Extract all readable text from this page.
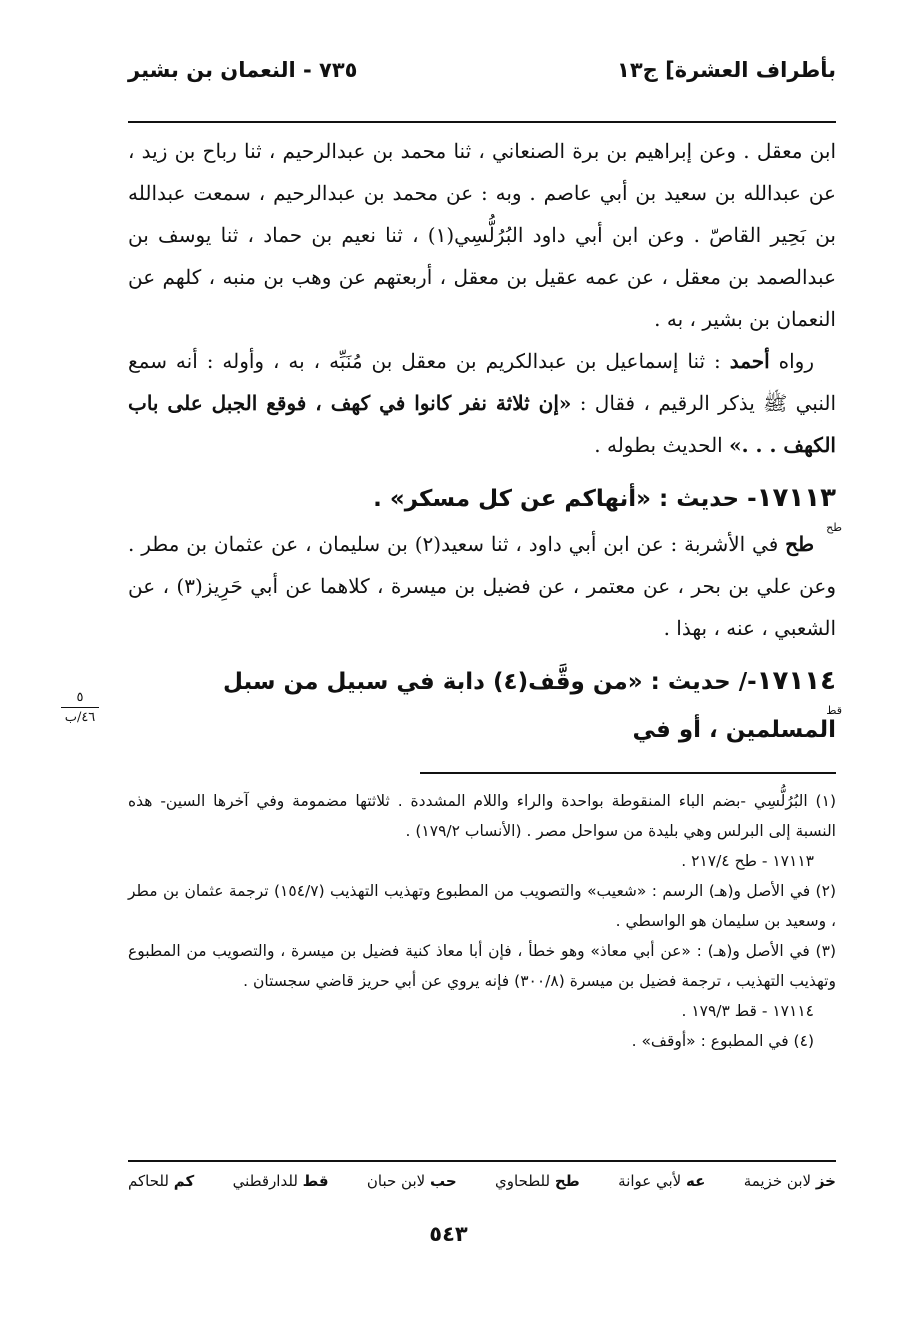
بأطراف العشرة] ج١٣
٧٣٥ - النعمان بن بشير

ابن معقل . وعن إبراهيم بن برة الصنعاني ، ثنا محمد بن عبدالرحيم ، ثنا رباح بن زيد ، عن عبدالله بن سعيد بن أبي عاصم . وبه : عن محمد بن عبدالرحيم ، سمعت عبدالله بن بَحِير القاصّ . وعن ابن أبي داود البُرُلُّسِي(١) ، ثنا نعيم بن حماد ، ثنا يوسف بن عبدالصمد بن معقل ، عن عمه عقيل بن معقل ، أربعتهم عن وهب بن منبه ، كلهم عن النعمان بن بشير ، به .

رواه أحمد : ثنا إسماعيل بن عبدالكريم بن معقل بن مُنَبِّه ، به ، وأوله : أنه سمع النبي ﷺ يذكر الرقيم ، فقال : «إن ثلاثة نفر كانوا في كهف ، فوقع الجبل على باب الكهف . . .» الحديث بطوله .

١٧١١٣- حديث : «أنهاكم عن كل مسكر» .
طح

طح في الأشربة : عن ابن أبي داود ، ثنا سعيد(٢) بن سليمان ، عن عثمان بن مطر . وعن علي بن بحر ، عن معتمر ، عن فضيل بن ميسرة ، كلاهما عن أبي حَرِيز(٣) ، عن الشعبي ، عنه ، بهذا .

١٧١١٤-/ حديث : «من وقَّف(٤) دابة في سبيل من سبل المسلمين ، أو في
قط
٥
٤٦/ب

(١) البُرُلُّسِي -بضم الباء المنقوطة بواحدة والراء واللام المشددة . ثلاثتها مضمومة وفي آخرها السين- هذه النسبة إلى البرلس وهي بليدة من سواحل مصر . (الأنساب ١٧٩/٢) .

١٧١١٣ - طح ٢١٧/٤ .

(٢) في الأصل و(هـ) الرسم : «شعيب» والتصويب من المطبوع وتهذيب التهذيب (١٥٤/٧) ترجمة عثمان بن مطر ، وسعيد بن سليمان هو الواسطي .

(٣) في الأصل و(هـ) : «عن أبي معاذ» وهو خطأ ، فإن أبا معاذ كنية فضيل بن ميسرة ، والتصويب من المطبوع وتهذيب التهذيب ، ترجمة فضيل بن ميسرة (٣٠٠/٨) فإنه يروي عن أبي حريز قاضي سجستان .

١٧١١٤ - قط ١٧٩/٣ .

(٤) في المطبوع : «أوقف» .

خز لابن خزيمة
عه لأبي عوانة
طح للطحاوي
حب لابن حبان
قط للدارقطني
كم للحاكم
٥٤٣
